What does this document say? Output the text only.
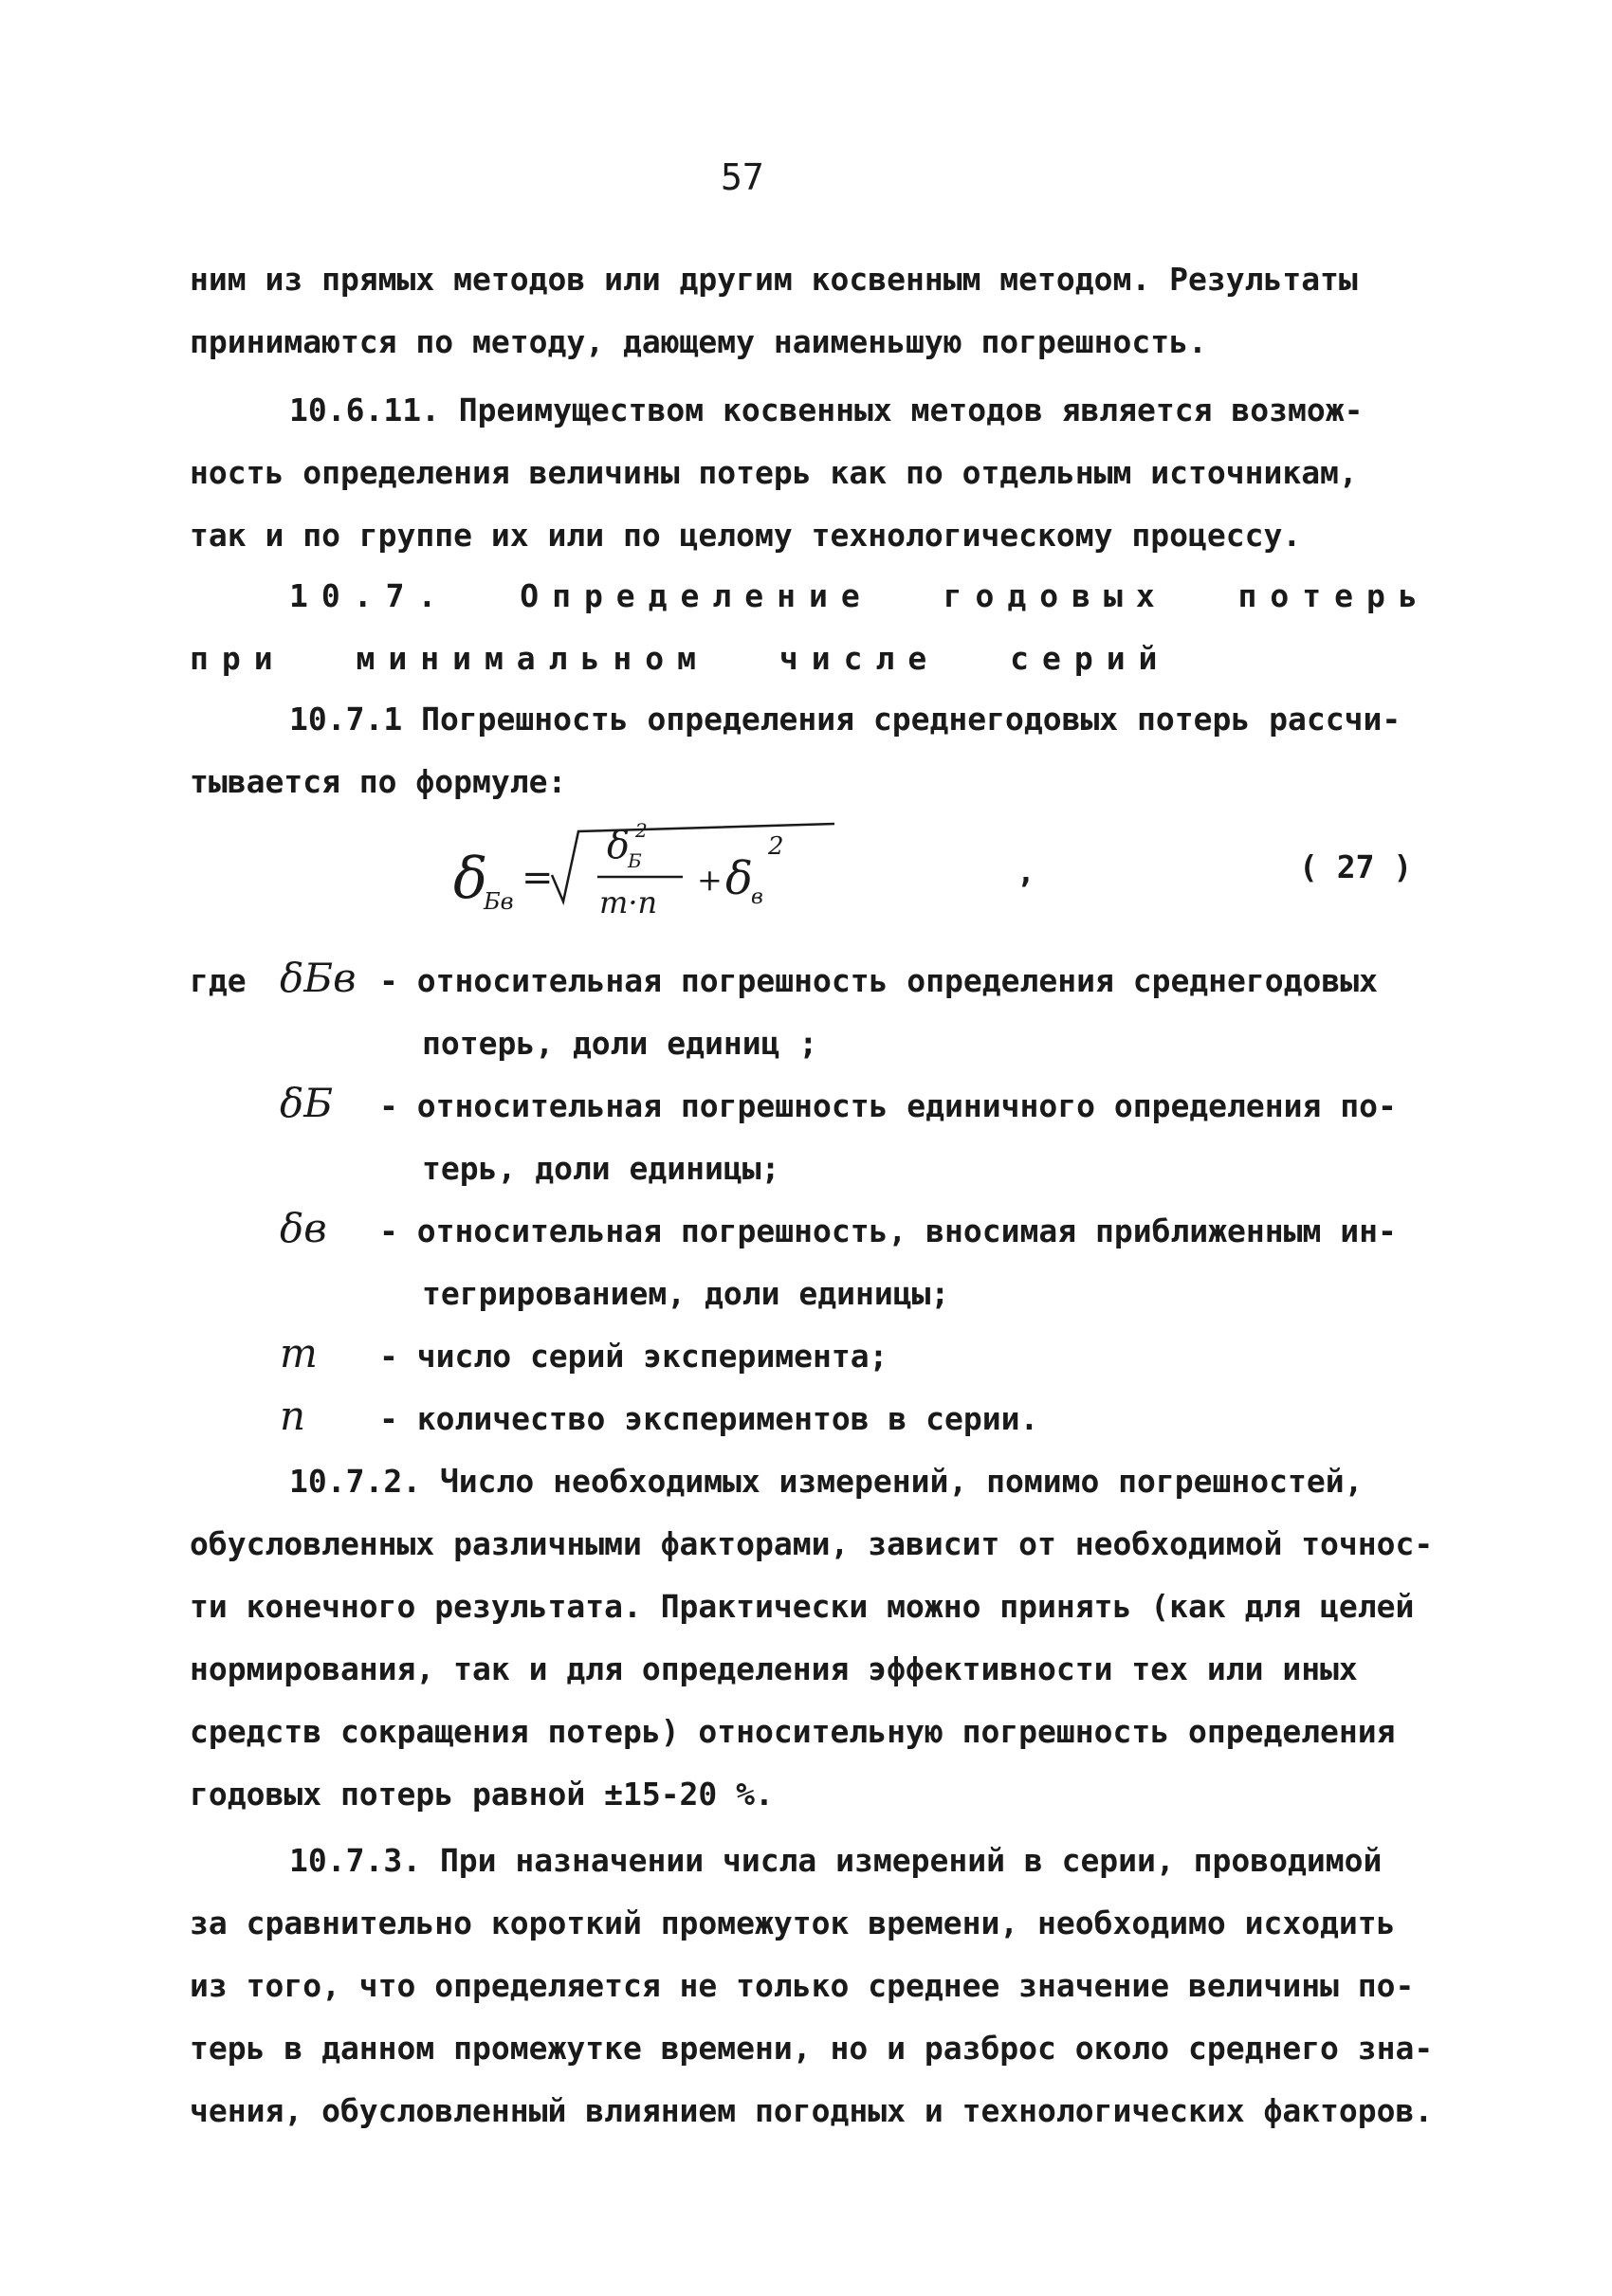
57
ним из прямых методов или другим косвенным методом. Результаты
принимаются по методу, дающему наименьшую погрешность.
10.6.11. Преимуществом косвенных методов является возмож-
ность определения величины потерь как по отдельным источникам,
так и по группе их или по целому технологическому процессу.
10.7. Определение годовых потерь
при минимальном числе серий
10.7.1 Погрешность определения среднегодовых потерь рассчи-
тывается по формуле:
δ
Бв
=
δ
Б
2
m·n
+ δ
в
2
,	( 27 )
где δБв - относительная погрешность определения среднегодовых
потерь, доли единиц ;
δБ - относительная погрешность единичного определения по-
терь, доли единицы;
δв - относительная погрешность, вносимая приближенным ин-
тегрированием, доли единицы;
m - число серий эксперимента;
n - количество экспериментов в серии.
10.7.2. Число необходимых измерений, помимо погрешностей,
обусловленных различными факторами, зависит от необходимой точнос-
ти конечного результата. Практически можно принять (как для целей
нормирования, так и для определения эффективности тех или иных
средств сокращения потерь) относительную погрешность определения
годовых потерь равной ±15-20 %.
10.7.3. При назначении числа измерений в серии, проводимой
за сравнительно короткий промежуток времени, необходимо исходить
из того, что определяется не только среднее значение величины по-
терь в данном промежутке времени, но и разброс около среднего зна-
чения, обусловленный влиянием погодных и технологических факторов.
